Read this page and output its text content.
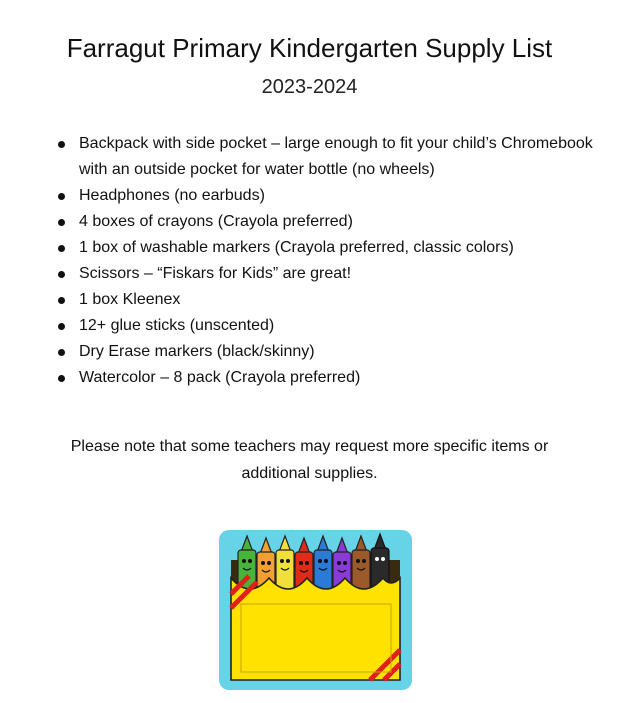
Farragut Primary Kindergarten Supply List
2023-2024
Backpack with side pocket – large enough to fit your child’s Chromebook with an outside pocket for water bottle (no wheels)
Headphones (no earbuds)
4 boxes of crayons (Crayola preferred)
1 box of washable markers (Crayola preferred, classic colors)
Scissors – “Fiskars for Kids” are great!
1 box Kleenex
12+ glue sticks (unscented)
Dry Erase markers (black/skinny)
Watercolor – 8 pack (Crayola preferred)

Please note that some teachers may request more specific items or additional supplies.
